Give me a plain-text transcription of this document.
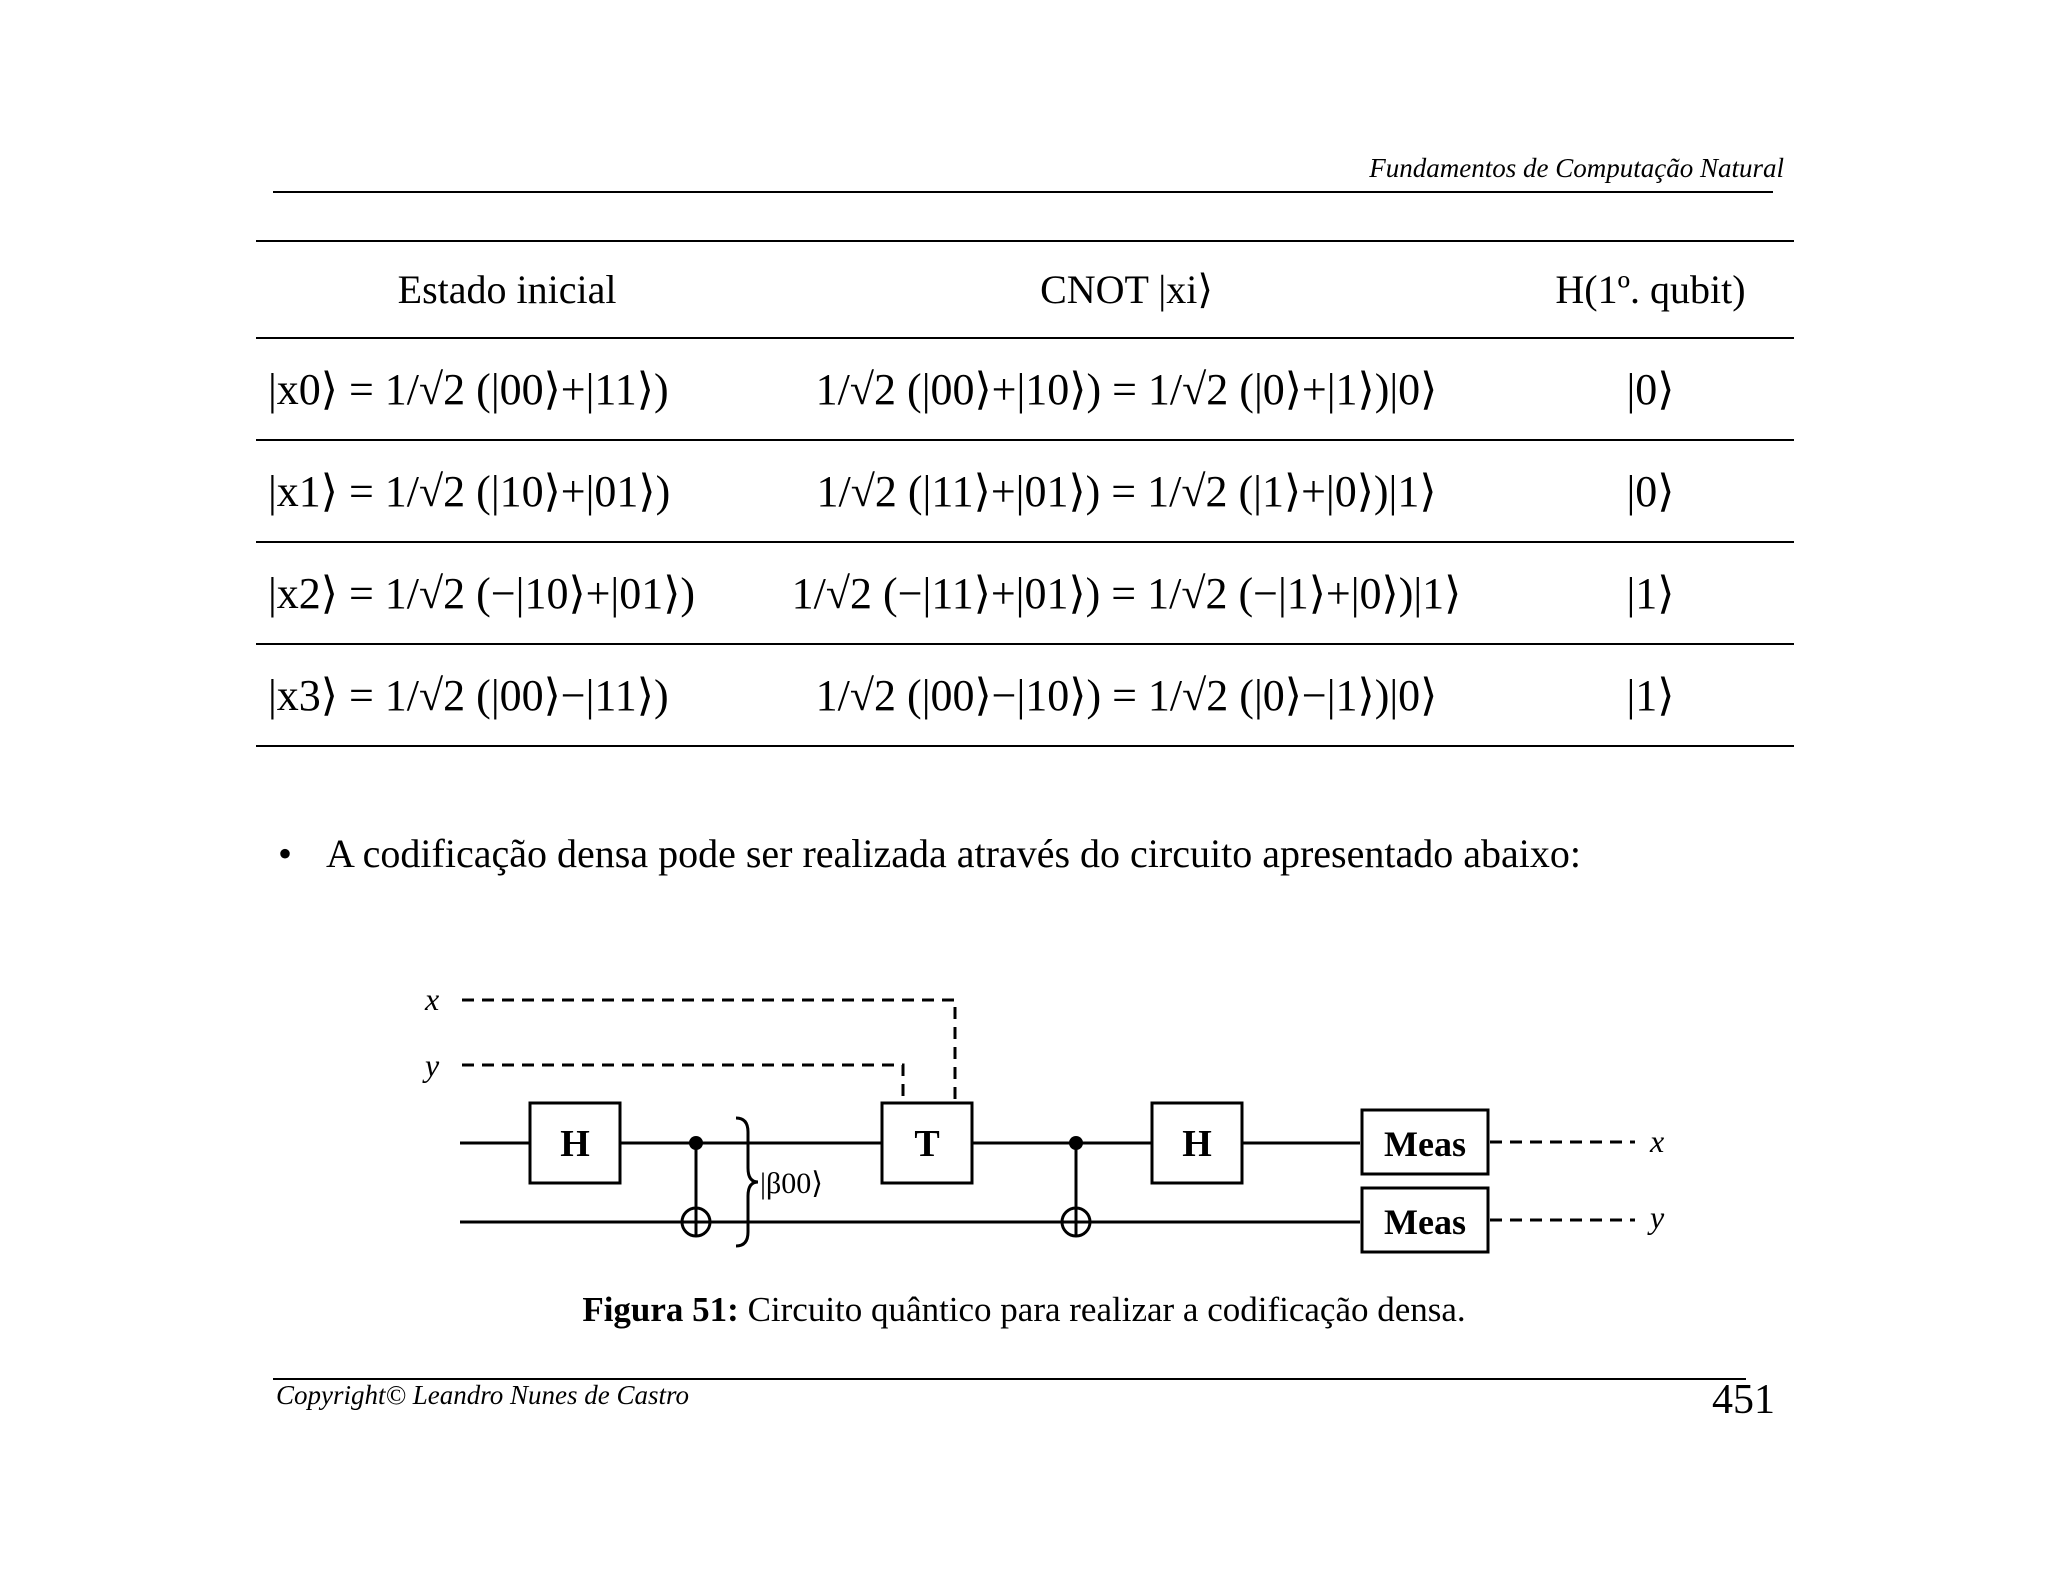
Fundamentos de Computação Natural
Estado inicial	CNOT |xi⟩	H(1º. qubit)
|x0⟩ = 1/√2 (|00⟩+|11⟩)	1/√2 (|00⟩+|10⟩) = 1/√2 (|0⟩+|1⟩)|0⟩	|0⟩
|x1⟩ = 1/√2 (|10⟩+|01⟩)	1/√2 (|11⟩+|01⟩) = 1/√2 (|1⟩+|0⟩)|1⟩	|0⟩
|x2⟩ = 1/√2 (−|10⟩+|01⟩)	1/√2 (−|11⟩+|01⟩) = 1/√2 (−|1⟩+|0⟩)|1⟩	|1⟩
|x3⟩ = 1/√2 (|00⟩−|11⟩)	1/√2 (|00⟩−|10⟩) = 1/√2 (|0⟩−|1⟩)|0⟩	|1⟩
• A codificação densa pode ser realizada através do circuito apresentado abaixo:
x
y
H
|β00⟩
T	H	Meas
Meas
x
y
Figura 51: Circuito quântico para realizar a codificação densa.
Copyright© Leandro Nunes de Castro	451
